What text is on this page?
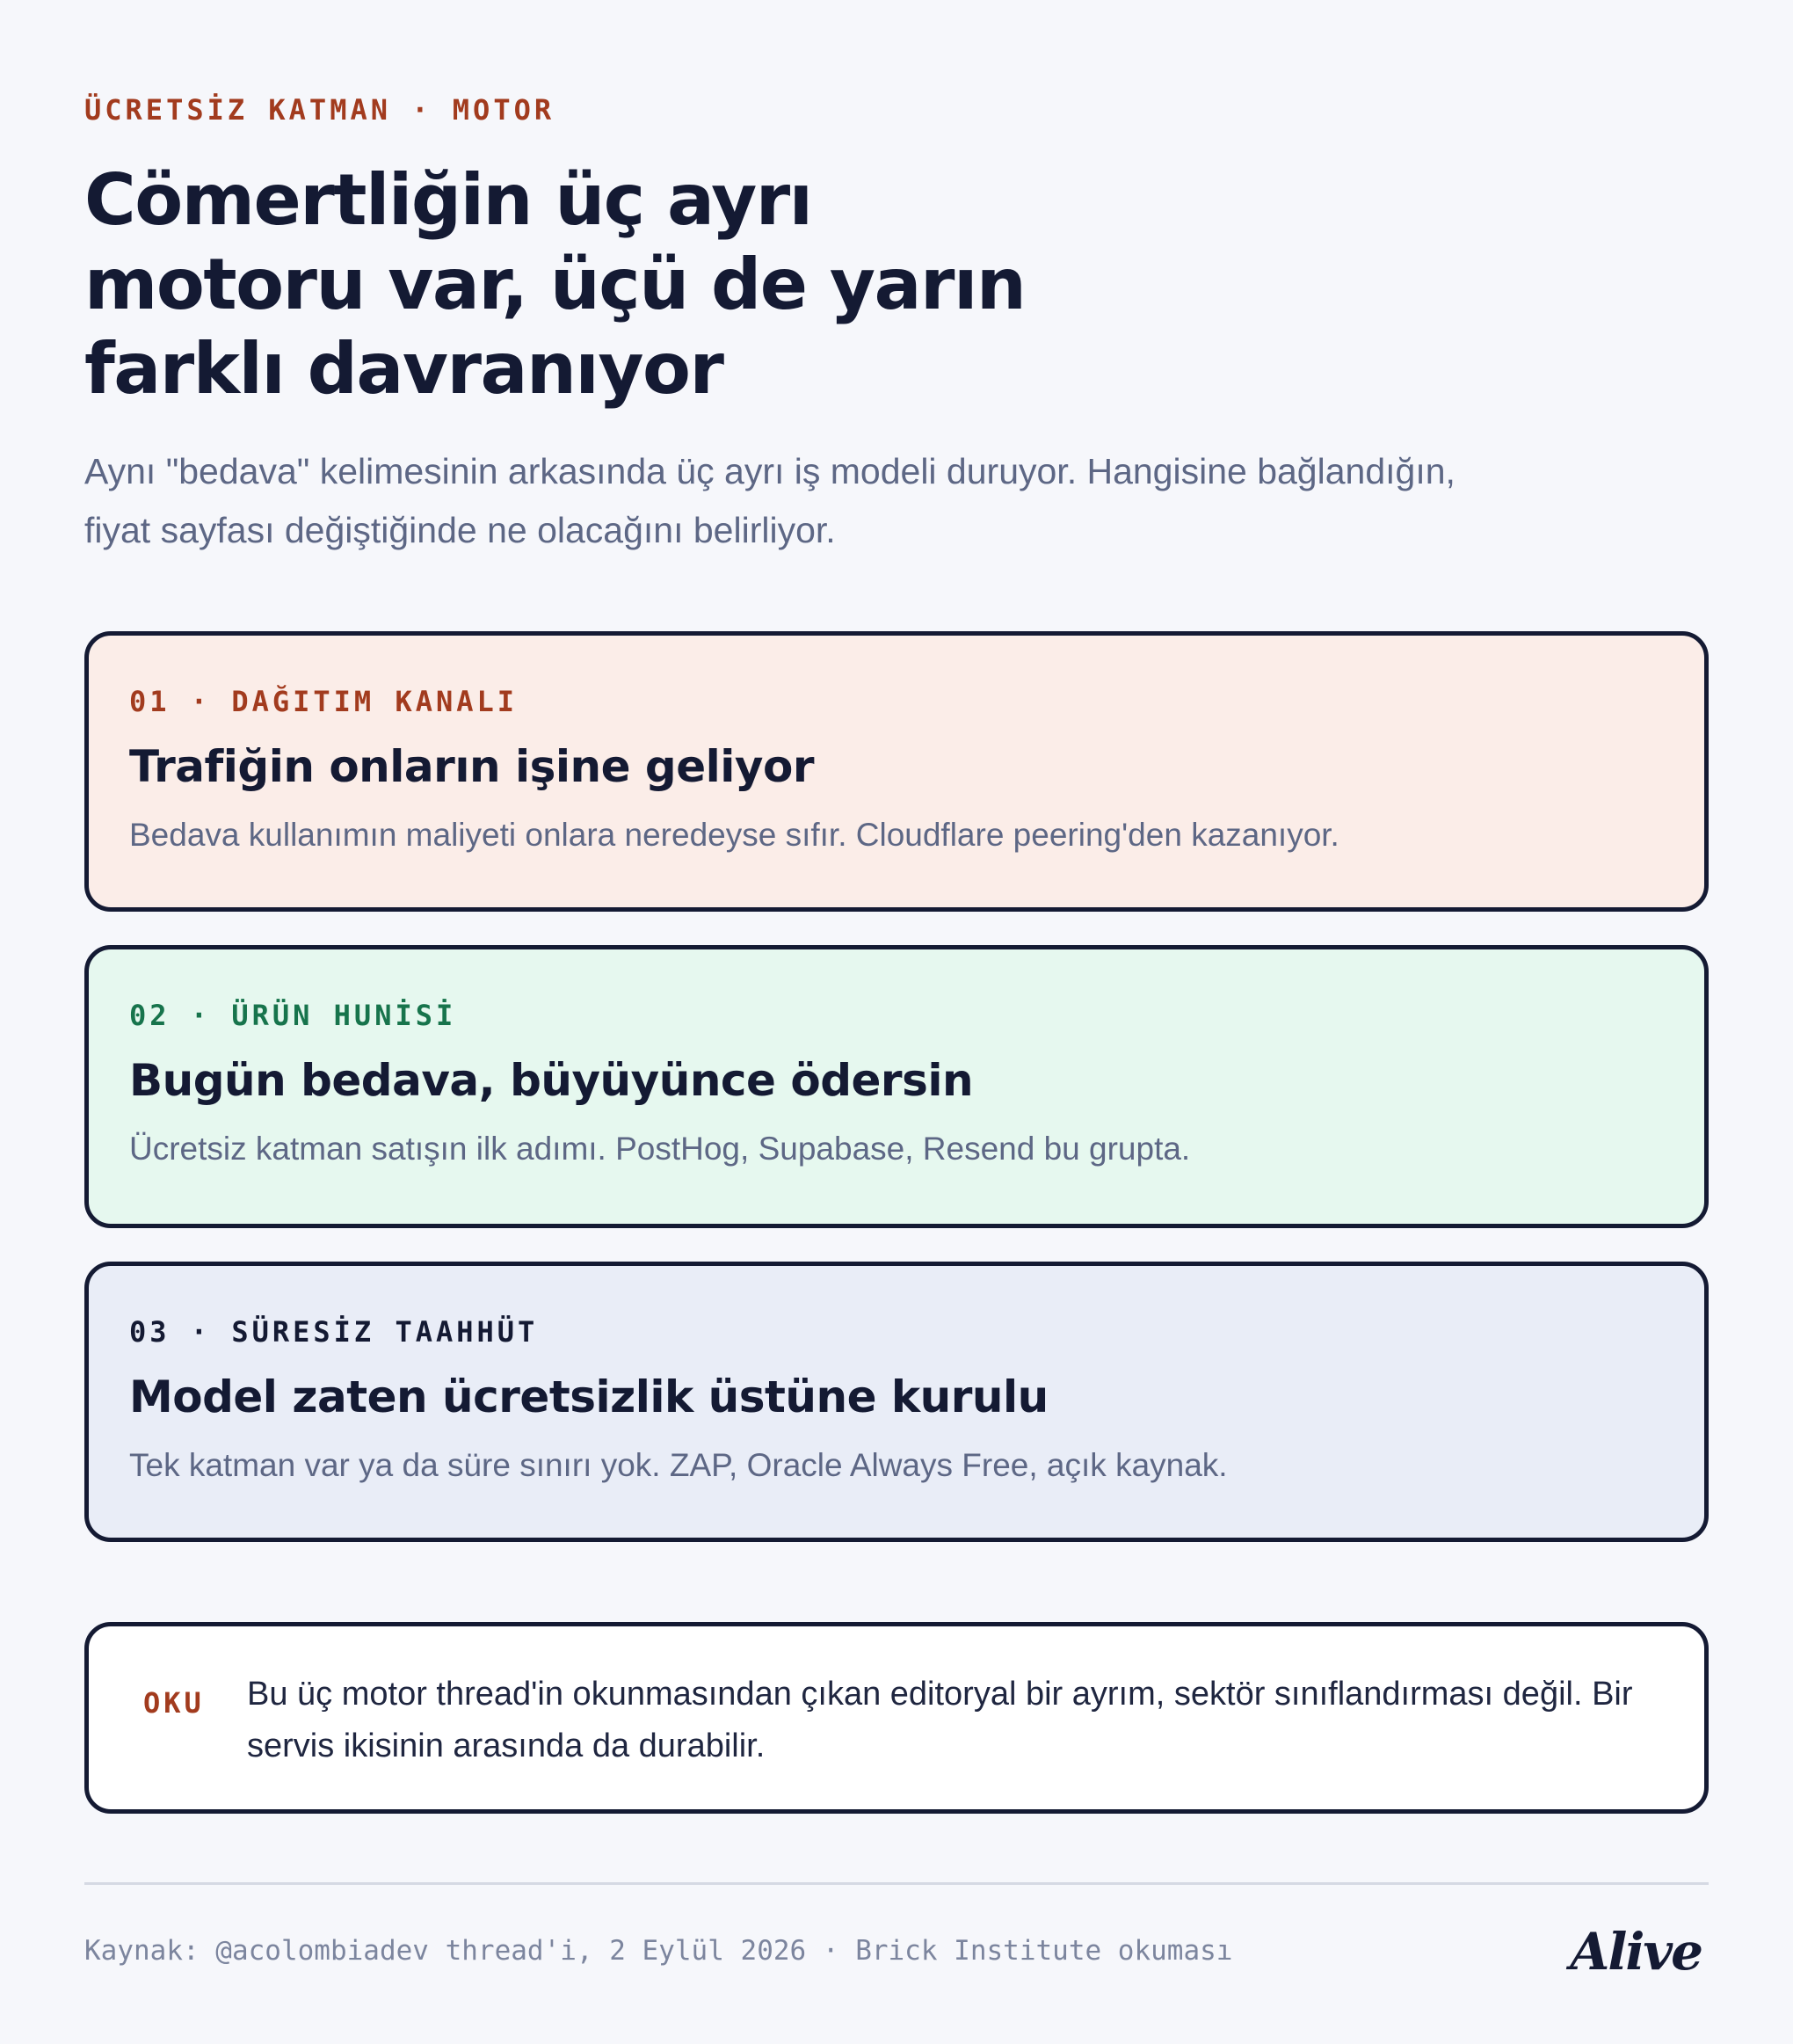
ÜCRETSİZ KATMAN · MOTOR
Cömertliğin üç ayrı motoru var, üçü de yarın farklı davranıyor

Aynı "bedava" kelimesinin arkasında üç ayrı iş modeli duruyor. Hangisine bağlandığın, fiyat sayfası değiştiğinde ne olacağını belirliyor.

01 · DAĞITIM KANALI
Trafiğin onların işine geliyor
Bedava kullanımın maliyeti onlara neredeyse sıfır. Cloudflare peering'den kazanıyor.
02 · ÜRÜN HUNİSİ
Bugün bedava, büyüyünce ödersin
Ücretsiz katman satışın ilk adımı. PostHog, Supabase, Resend bu grupta.
03 · SÜRESİZ TAAHHÜT
Model zaten ücretsizlik üstüne kurulu
Tek katman var ya da süre sınırı yok. ZAP, Oracle Always Free, açık kaynak.
OKU Bu üç motor thread'in okunmasından çıkan editoryal bir ayrım, sektör sınıflandırması değil. Bir servis ikisinin arasında da durabilir.
Kaynak: @acolombiadev thread'i, 2 Eylül 2026 · Brick Institute okuması	Alive
